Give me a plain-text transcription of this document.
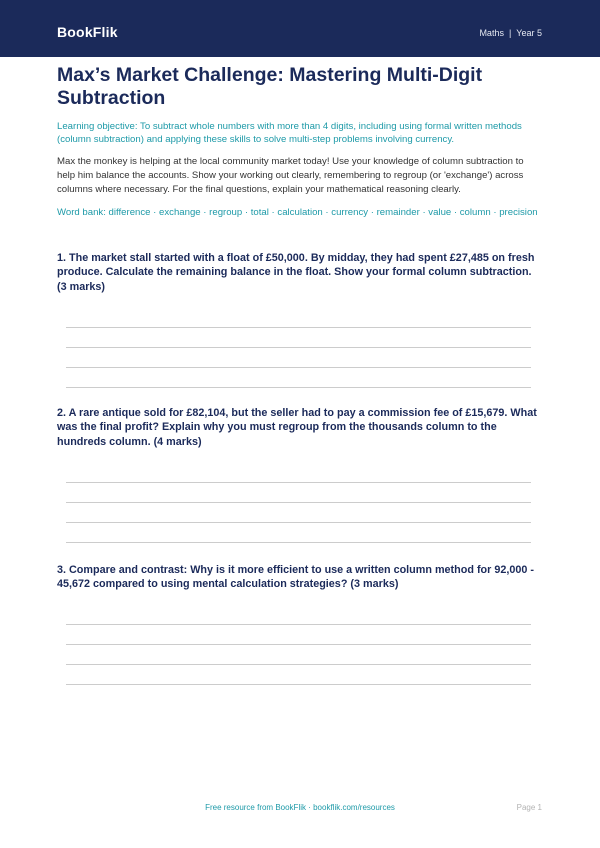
BookFlik	Maths | Year 5
Max’s Market Challenge: Mastering Multi-Digit Subtraction

Learning objective: To subtract whole numbers with more than 4 digits, including using formal written methods (column subtraction) and applying these skills to solve multi-step problems involving currency.

Max the monkey is helping at the local community market today! Use your knowledge of column subtraction to help him balance the accounts. Show your working out clearly, remembering to regroup (or 'exchange') across columns where necessary. For the final questions, explain your mathematical reasoning clearly.

Word bank: difference · exchange · regroup · total · calculation · currency · remainder · value · column · precision

1. The market stall started with a float of £50,000. By midday, they had spent £27,485 on fresh produce. Calculate the remaining balance in the float. Show your formal column subtraction. (3 marks)

2. A rare antique sold for £82,104, but the seller had to pay a commission fee of £15,679. What was the final profit? Explain why you must regroup from the thousands column to the hundreds column. (4 marks)

3. Compare and contrast: Why is it more efficient to use a written column method for 92,000 - 45,672 compared to using mental calculation strategies? (3 marks)

Free resource from BookFlik · bookflik.com/resources	Page 1
